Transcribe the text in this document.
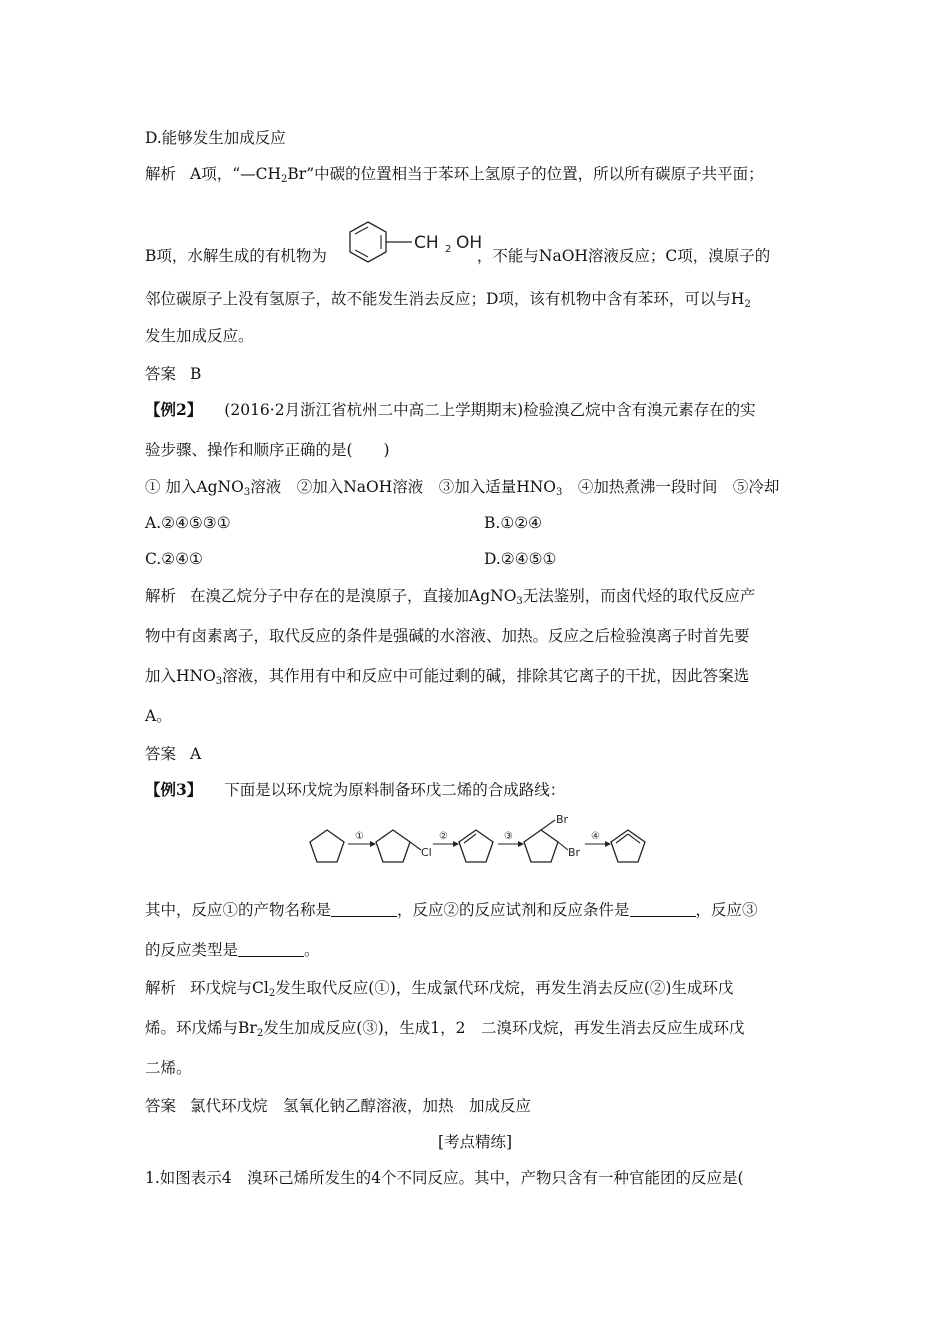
D.能够发生加成反应
解析 A项，“$—CH_2Br$”中碳的位置相当于苯环上氢原子的位置，所以所有碳原子共平面；
B项，水解生成的有机物为	，不能与NaOH溶液反应；C项，溴原子的
CH 2 OH
邻位碳原子上没有氢原子，故不能发生消去反应；D项，该有机物中含有苯环，可以与$H_2$
发生加成反应。
答案 B
【例2】 (2016·2月浙江省杭州二中高二上学期期末)检验溴乙烷中含有溴元素存在的实
验步骤、操作和顺序正确的是(　　)
① 加入AgNO$_3$溶液　②加入NaOH溶液　③加入适量$HNO_3$　④加热煮沸一段时间　⑤冷却
A.②④⑤③①	B.①②④
C.②④①	D.②④⑤①
解析 在溴乙烷分子中存在的是溴原子，直接加AgNO$_3$无法鉴别，而卤代烃的取代反应产
物中有卤素离子，取代反应的条件是强碱的水溶液、加热。反应之后检验溴离子时首先要
加入$HNO_3$溶液，其作用有中和反应中可能过剩的碱，排除其它离子的干扰，因此答案选
A。
答案 A
【例3】 下面是以环戊烷为原料制备环戊二烯的合成路线：
①
Cl
②	③
Br
Br
④
其中，反应①的产物名称是	，反应②的反应试剂和反应条件是	，反应③
的反应类型是	。
解析 环戊烷与$Cl_2$发生取代反应(①)，生成氯代环戊烷，再发生消去反应(②)生成环戊
烯。环戊烯与$Br_2$发生加成反应(③)，生成1，2　二溴环戊烷，再发生消去反应生成环戊
二烯。
答案 氯代环戊烷　氢氧化钠乙醇溶液，加热　加成反应
[考点精练]
1.如图表示4　溴环己烯所发生的4个不同反应。其中，产物只含有一种官能团的反应是(
